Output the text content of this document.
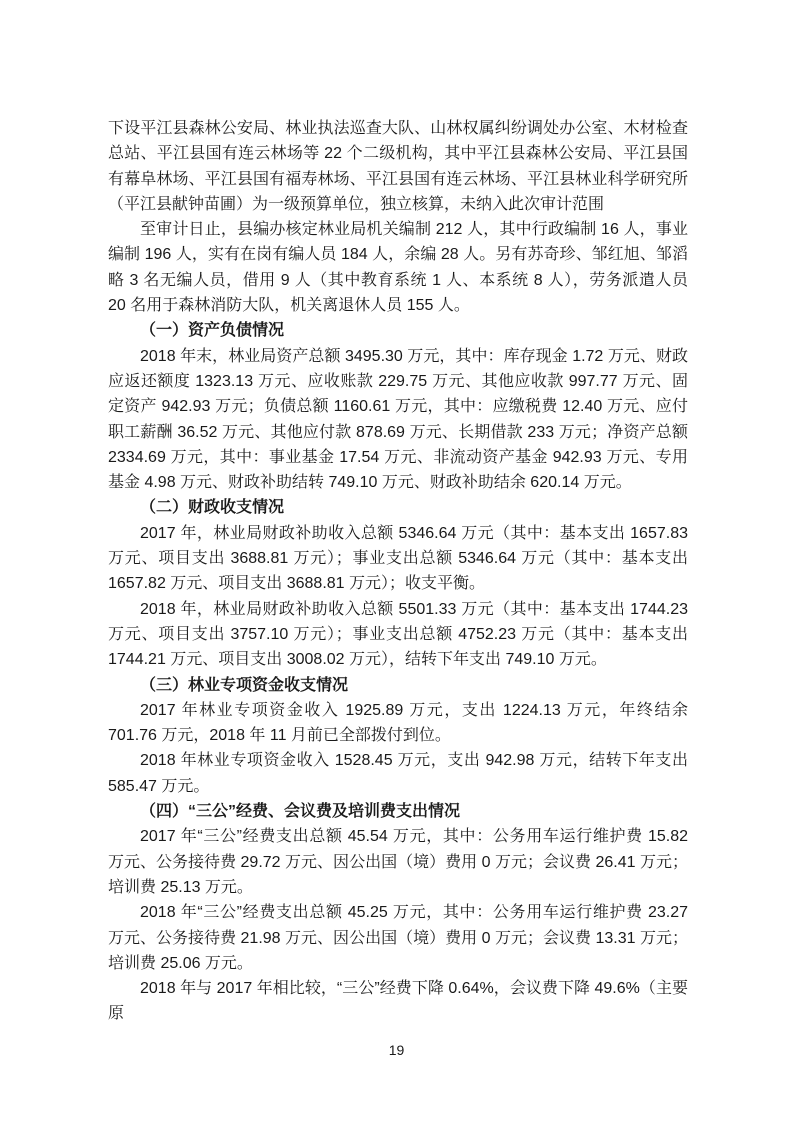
下设平江县森林公安局、林业执法巡查大队、山林权属纠纷调处办公室、木材检查总站、平江县国有连云林场等 22 个二级机构，其中平江县森林公安局、平江县国有幕阜林场、平江县国有福寿林场、平江县国有连云林场、平江县林业科学研究所（平江县献钟苗圃）为一级预算单位，独立核算，未纳入此次审计范围

至审计日止，县编办核定林业局机关编制 212 人，其中行政编制 16 人，事业编制 196 人，实有在岗有编人员 184 人，余编 28 人。另有苏奇珍、邹红旭、邹滔略 3 名无编人员，借用 9 人（其中教育系统 1 人、本系统 8 人），劳务派遣人员 20 名用于森林消防大队，机关离退休人员 155 人。

（一）资产负债情况

2018 年末，林业局资产总额 3495.30 万元，其中：库存现金 1.72 万元、财政应返还额度 1323.13 万元、应收账款 229.75 万元、其他应收款 997.77 万元、固定资产 942.93 万元；负债总额 1160.61 万元，其中：应缴税费 12.40 万元、应付职工薪酬 36.52 万元、其他应付款 878.69 万元、长期借款 233 万元；净资产总额 2334.69 万元，其中：事业基金 17.54 万元、非流动资产基金 942.93 万元、专用基金 4.98 万元、财政补助结转 749.10 万元、财政补助结余 620.14 万元。

（二）财政收支情况

2017 年，林业局财政补助收入总额 5346.64 万元（其中：基本支出 1657.83 万元、项目支出 3688.81 万元）；事业支出总额 5346.64 万元（其中：基本支出 1657.82 万元、项目支出 3688.81 万元）；收支平衡。

2018 年，林业局财政补助收入总额 5501.33 万元（其中：基本支出 1744.23 万元、项目支出 3757.10 万元）；事业支出总额 4752.23 万元（其中：基本支出 1744.21 万元、项目支出 3008.02 万元），结转下年支出 749.10 万元。

（三）林业专项资金收支情况

2017 年林业专项资金收入 1925.89 万元，支出 1224.13 万元，年终结余 701.76 万元，2018 年 11 月前已全部拨付到位。

2018 年林业专项资金收入 1528.45 万元，支出 942.98 万元，结转下年支出 585.47 万元。

（四）“三公”经费、会议费及培训费支出情况

2017 年“三公”经费支出总额 45.54 万元，其中：公务用车运行维护费 15.82 万元、公务接待费 29.72 万元、因公出国（境）费用 0 万元；会议费 26.41 万元；培训费 25.13 万元。

2018 年“三公”经费支出总额 45.25 万元，其中：公务用车运行维护费 23.27 万元、公务接待费 21.98 万元、因公出国（境）费用 0 万元；会议费 13.31 万元；培训费 25.06 万元。

2018 年与 2017 年相比较，“三公”经费下降 0.64%，会议费下降 49.6%（主要原

19
